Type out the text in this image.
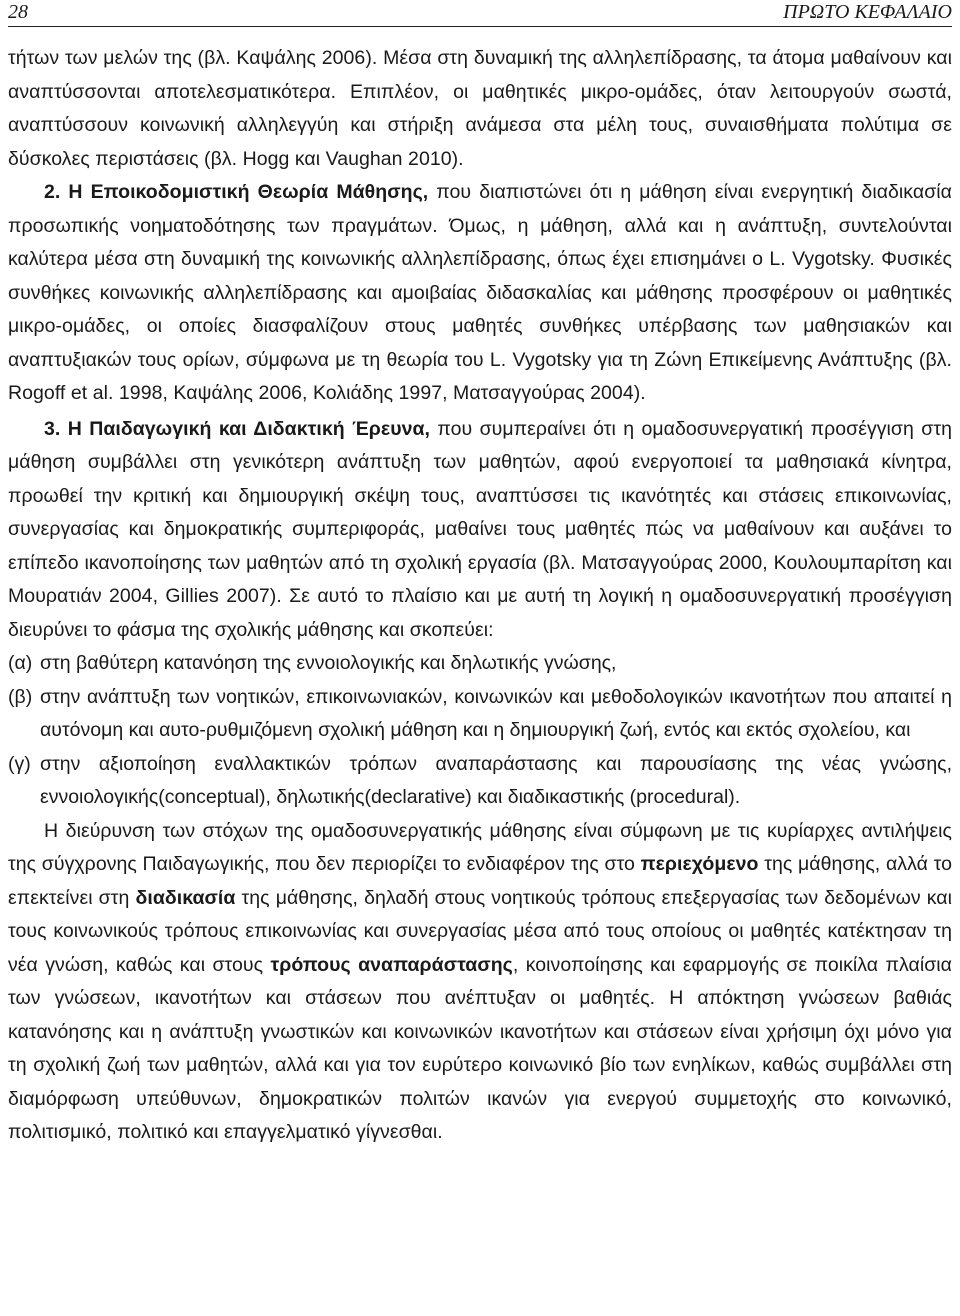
28	ΠΡΩΤΟ ΚΕΦΑΛΑΙΟ

τήτων των μελών της (βλ. Καψάλης 2006). Μέσα στη δυναμική της αλληλεπίδρασης, τα άτομα μαθαίνουν και αναπτύσσονται αποτελεσματικότερα. Επιπλέον, οι μαθητικές μικρο-ομάδες, όταν λειτουργούν σωστά, αναπτύσσουν κοινωνική αλληλεγγύη και στήριξη ανάμεσα στα μέλη τους, συναισθήματα πολύτιμα σε δύσκολες περιστάσεις (βλ. Hogg και Vaughan 2010).

2. Η Εποικοδομιστική Θεωρία Μάθησης, που διαπιστώνει ότι η μάθηση είναι ενεργητική διαδικασία προσωπικής νοηματοδότησης των πραγμάτων. Όμως, η μάθηση, αλλά και η ανάπτυξη, συντελούνται καλύτερα μέσα στη δυναμική της κοινωνικής αλληλεπίδρασης, όπως έχει επισημάνει ο L. Vygotsky. Φυσικές συνθήκες κοινωνικής αλληλεπίδρασης και αμοιβαίας διδασκαλίας και μάθησης προσφέρουν οι μαθητικές μικρο-ομάδες, οι οποίες διασφαλίζουν στους μαθητές συνθήκες υπέρβασης των μαθησιακών και αναπτυξιακών τους ορίων, σύμφωνα με τη θεωρία του L. Vygotsky για τη Ζώνη Επικείμενης Ανάπτυξης (βλ. Rogoff et al. 1998, Καψάλης 2006, Κολιάδης 1997, Ματσαγγούρας 2004).

3. Η Παιδαγωγική και Διδακτική Έρευνα, που συμπεραίνει ότι η ομαδοσυνεργατική προσέγγιση στη μάθηση συμβάλλει στη γενικότερη ανάπτυξη των μαθητών, αφού ενεργοποιεί τα μαθησιακά κίνητρα, προωθεί την κριτική και δημιουργική σκέψη τους, αναπτύσσει τις ικανότητές και στάσεις επικοινωνίας, συνεργασίας και δημοκρατικής συμπεριφοράς, μαθαίνει τους μαθητές πώς να μαθαίνουν και αυξάνει το επίπεδο ικανοποίησης των μαθητών από τη σχολική εργασία (βλ. Ματσαγγούρας 2000, Κουλουμπαρίτση και Μουρατιάν 2004, Gillies 2007). Σε αυτό το πλαίσιο και με αυτή τη λογική η ομαδοσυνεργατική προσέγγιση διευρύνει το φάσμα της σχολικής μάθησης και σκοπεύει:

(α) στη βαθύτερη κατανόηση της εννοιολογικής και δηλωτικής γνώσης,
(β) στην ανάπτυξη των νοητικών, επικοινωνιακών, κοινωνικών και μεθοδολογικών ικανοτήτων που απαιτεί η αυτόνομη και αυτο-ρυθμιζόμενη σχολική μάθηση και η δημιουργική ζωή, εντός και εκτός σχολείου, και
(γ) στην αξιοποίηση εναλλακτικών τρόπων αναπαράστασης και παρουσίασης της νέας γνώσης, εννοιολογικής(conceptual), δηλωτικής(declarative) και διαδικαστικής (procedural).

Η διεύρυνση των στόχων της ομαδοσυνεργατικής μάθησης είναι σύμφωνη με τις κυρίαρχες αντιλήψεις της σύγχρονης Παιδαγωγικής, που δεν περιορίζει το ενδιαφέρον της στο περιεχόμενο της μάθησης, αλλά το επεκτείνει στη διαδικασία της μάθησης, δηλαδή στους νοητικούς τρόπους επεξεργασίας των δεδομένων και τους κοινωνικούς τρόπους επικοινωνίας και συνεργασίας μέσα από τους οποίους οι μαθητές κατέκτησαν τη νέα γνώση, καθώς και στους τρόπους αναπαράστασης, κοινοποίησης και εφαρμογής σε ποικίλα πλαίσια των γνώσεων, ικανοτήτων και στάσεων που ανέπτυξαν οι μαθητές. Η απόκτηση γνώσεων βαθιάς κατανόησης και η ανάπτυξη γνωστικών και κοινωνικών ικανοτήτων και στάσεων είναι χρήσιμη όχι μόνο για τη σχολική ζωή των μαθητών, αλλά και για τον ευρύτερο κοινωνικό βίο των ενηλίκων, καθώς συμβάλλει στη διαμόρφωση υπεύθυνων, δημοκρατικών πολιτών ικανών για ενεργού συμμετοχής στο κοινωνικό, πολιτισμικό, πολιτικό και επαγγελματικό γίγνεσθαι.
